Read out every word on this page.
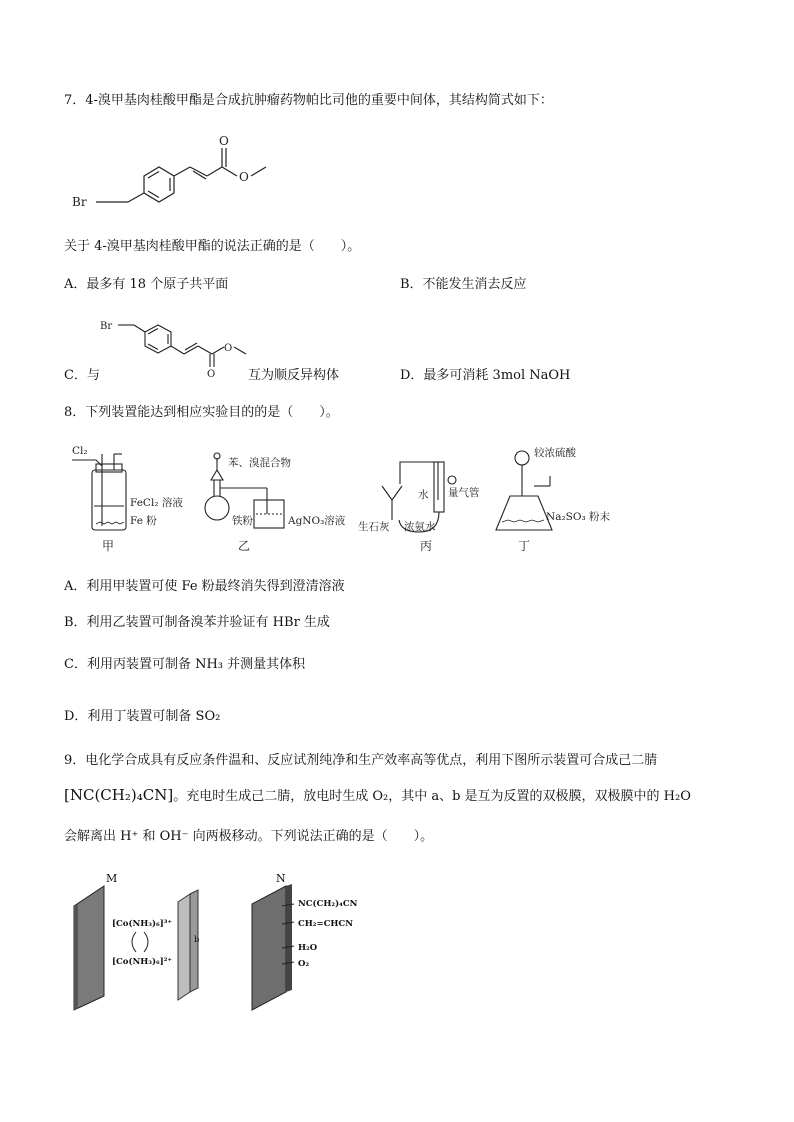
7．4-溴甲基肉桂酸甲酯是合成抗肿瘤药物帕比司他的重要中间体，其结构简式如下：
Br
O
O
关于 4-溴甲基肉桂酸甲酯的说法正确的是（　　）。
A．最多有 18 个原子共平面	B．不能发生消去反应
Br
O
O
C．与	互为顺反异构体	D．最多可消耗 3mol NaOH
8．下列装置能达到相应实验目的的是（　　）。
Cl₂
FeCl₂ 溶液
Fe 粉
甲
苯、溴混合物
铁粉	AgNO₃溶液
乙
水 量气管
生石灰 浓氨水
丙
较浓硫酸
Na₂SO₃ 粉末
丁
A．利用甲装置可使 Fe 粉最终消失得到澄清溶液
B．利用乙装置可制备溴苯并验证有 HBr 生成
C．利用丙装置可制备 NH₃ 并测量其体积
D．利用丁装置可制备 SO₂
9．电化学合成具有反应条件温和、反应试剂纯净和生产效率高等优点，利用下图所示装置可合成己二腈
[NC(CH₂)₄CN]。充电时生成己二腈，放电时生成 O₂，其中 a、b 是互为反置的双极膜，双极膜中的 H₂O
会解离出 H⁺ 和 OH⁻ 向两极移动。下列说法正确的是（　　）。
M	N
[Co(NH₃)₆]³⁺
[Co(NH₃)₆]²⁺
b
NC(CH₂)₄CN
CH₂=CHCN
H₂O
O₂
